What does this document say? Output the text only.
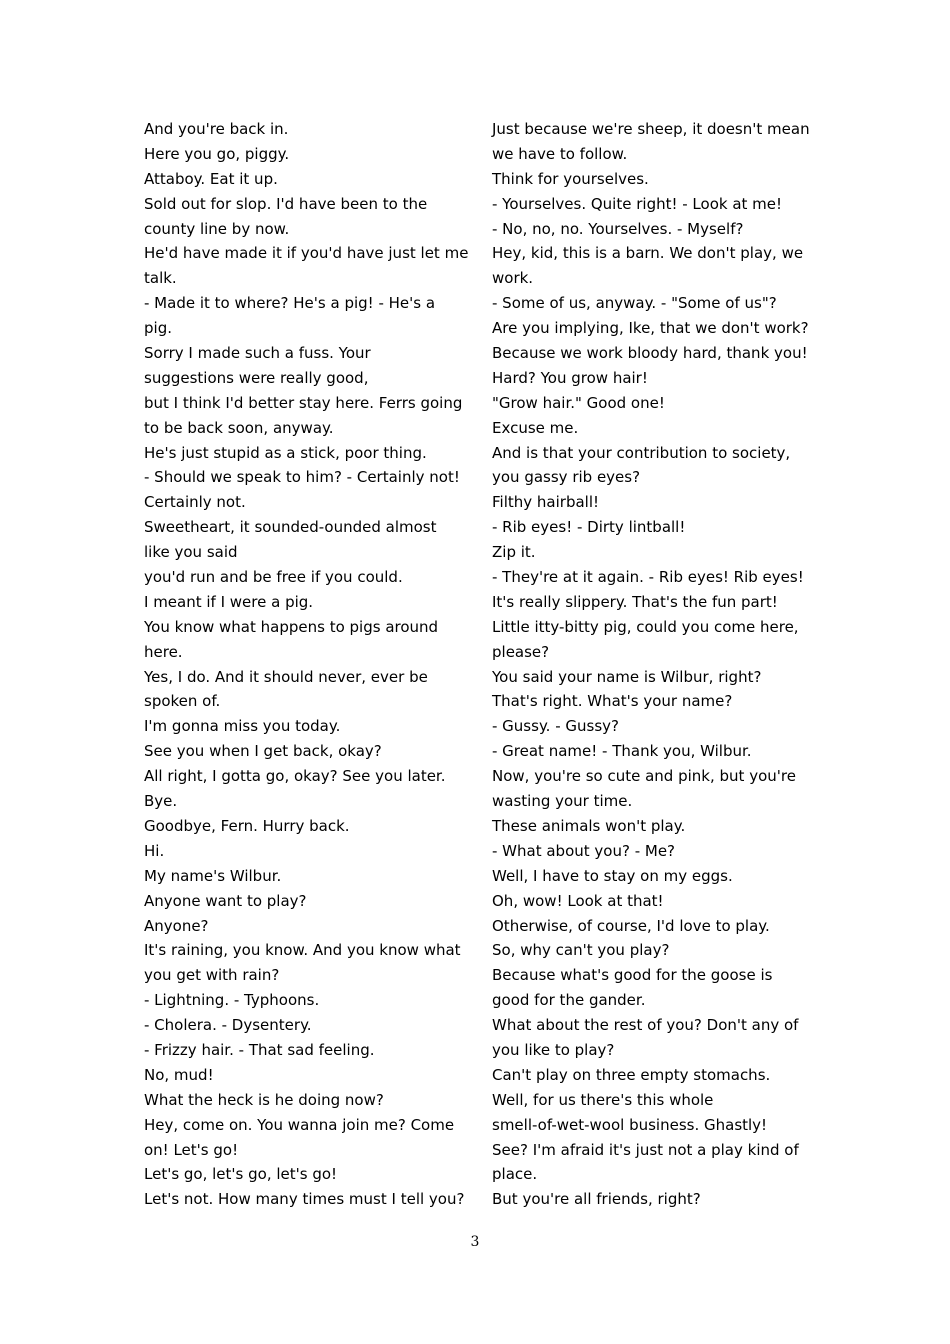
And you're back in.
Here you go, piggy.
Attaboy. Eat it up.
Sold out for slop. I'd have been to the
county line by now.
He'd have made it if you'd have just let me
talk.
- Made it to where? He's a pig! - He's a
pig.
Sorry I made such a fuss. Your
suggestions were really good,
but I think I'd better stay here. Ferrs going
to be back soon, anyway.
He's just stupid as a stick, poor thing.
- Should we speak to him? - Certainly not!
Certainly not.
Sweetheart, it sounded-ounded almost
like you said
you'd run and be free if you could.
I meant if I were a pig.
You know what happens to pigs around
here.
Yes, I do. And it should never, ever be
spoken of.
I'm gonna miss you today.
See you when I get back, okay?
All right, I gotta go, okay? See you later.
Bye.
Goodbye, Fern. Hurry back.
Hi.
My name's Wilbur.
Anyone want to play?
Anyone?
It's raining, you know. And you know what
you get with rain?
- Lightning. - Typhoons.
- Cholera. - Dysentery.
- Frizzy hair. - That sad feeling.
No, mud!
What the heck is he doing now?
Hey, come on. You wanna join me? Come
on! Let's go!
Let's go, let's go, let's go!
Let's not. How many times must I tell you?
Just because we're sheep, it doesn't mean
we have to follow.
Think for yourselves.
- Yourselves. Quite right! - Look at me!
- No, no, no. Yourselves. - Myself?
Hey, kid, this is a barn. We don't play, we
work.
- Some of us, anyway. - "Some of us"?
Are you implying, Ike, that we don't work?
Because we work bloody hard, thank you!
Hard? You grow hair!
"Grow hair." Good one!
Excuse me.
And is that your contribution to society,
you gassy rib eyes?
Filthy hairball!
- Rib eyes! - Dirty lintball!
Zip it.
- They're at it again. - Rib eyes! Rib eyes!
It's really slippery. That's the fun part!
Little itty-bitty pig, could you come here,
please?
You said your name is Wilbur, right?
That's right. What's your name?
- Gussy. - Gussy?
- Great name! - Thank you, Wilbur.
Now, you're so cute and pink, but you're
wasting your time.
These animals won't play.
- What about you? - Me?
Well, I have to stay on my eggs.
Oh, wow! Look at that!
Otherwise, of course, I'd love to play.
So, why can't you play?
Because what's good for the goose is
good for the gander.
What about the rest of you? Don't any of
you like to play?
Can't play on three empty stomachs.
Well, for us there's this whole
smell-of-wet-wool business. Ghastly!
See? I'm afraid it's just not a play kind of
place.
But you're all friends, right?
3
